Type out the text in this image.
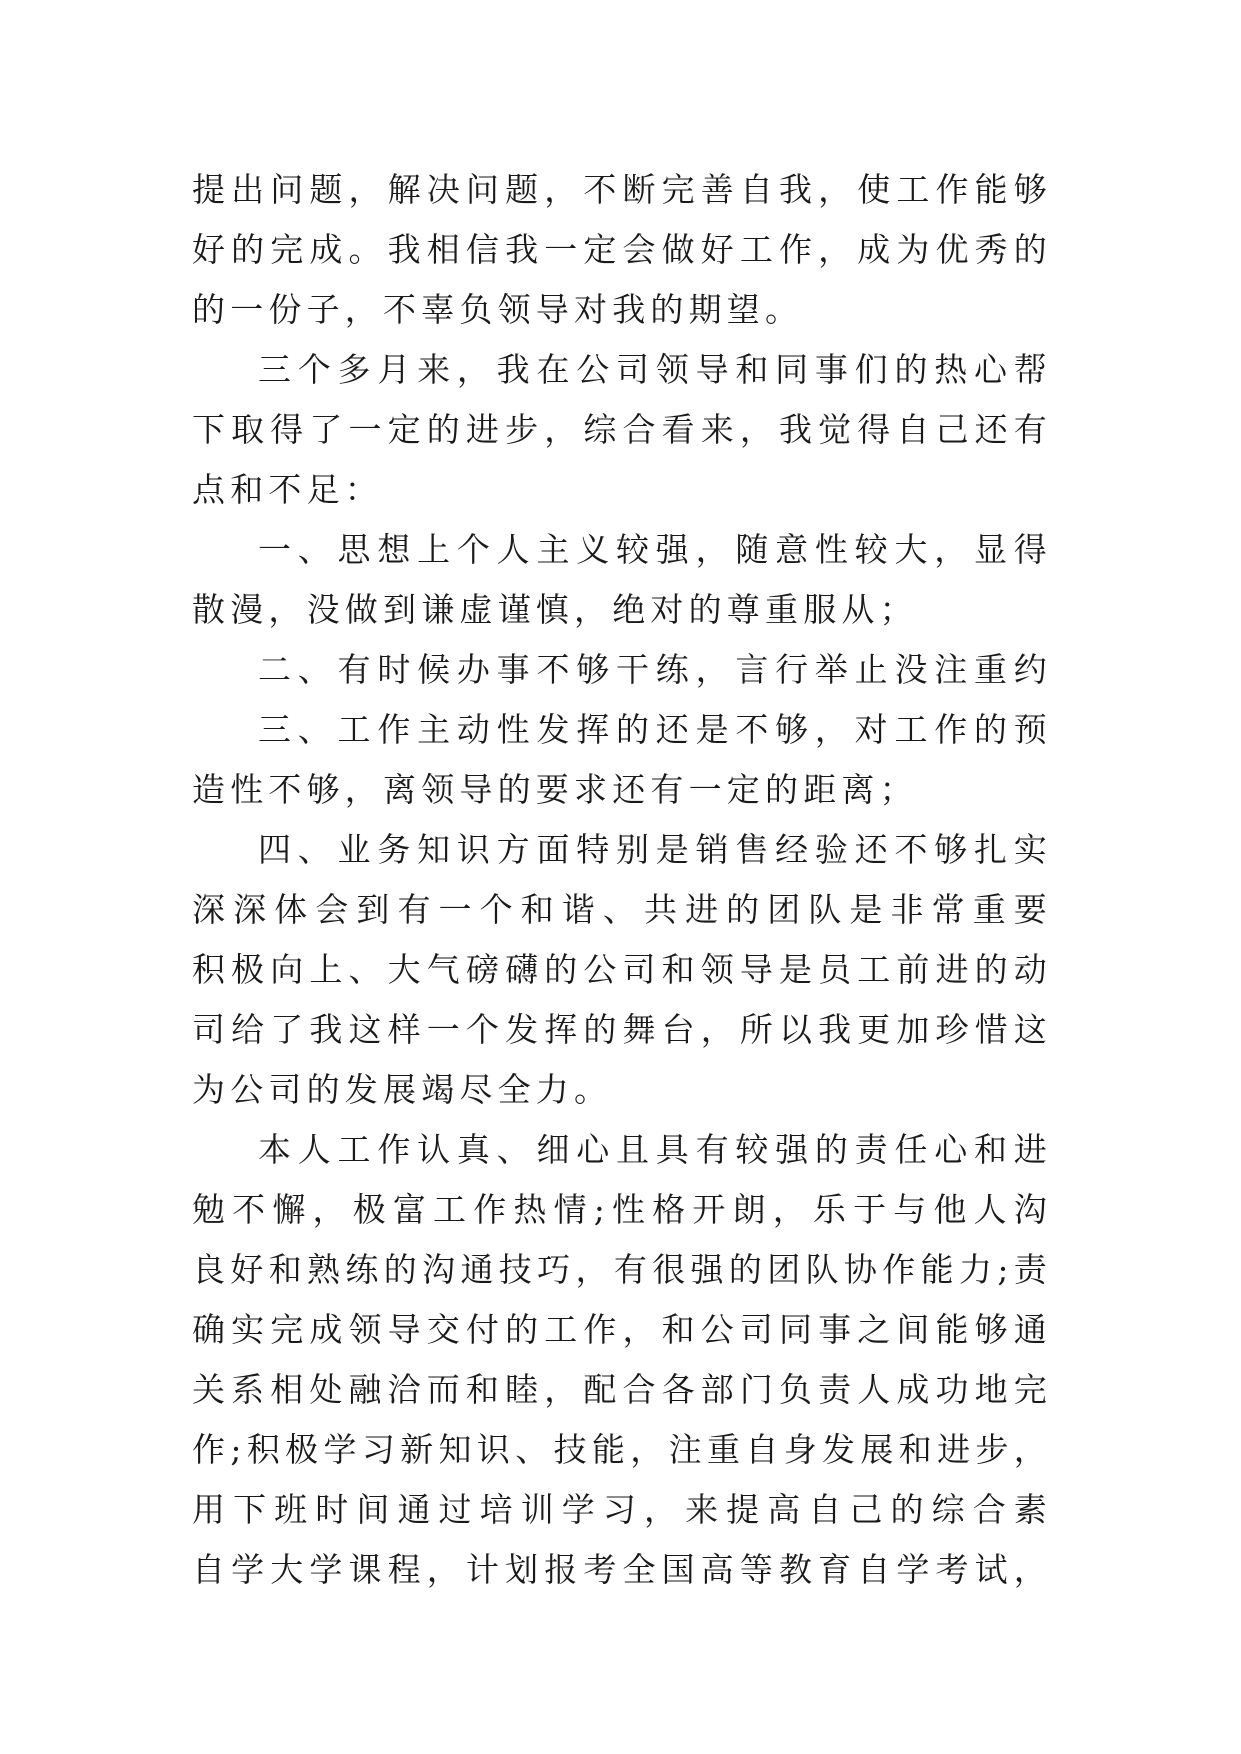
提出问题，解决问题，不断完善自我，使工作能够
好的完成。我相信我一定会做好工作，成为优秀的
的一份子，不辜负领导对我的期望。
三个多月来，我在公司领导和同事们的热心帮
下取得了一定的进步，综合看来，我觉得自己还有
点和不足：
一、思想上个人主义较强，随意性较大，显得
散漫，没做到谦虚谨慎，绝对的尊重服从；
二、有时候办事不够干练，言行举止没注重约
三、工作主动性发挥的还是不够，对工作的预
造性不够，离领导的要求还有一定的距离；
四、业务知识方面特别是销售经验还不够扎实
深深体会到有一个和谐、共进的团队是非常重要
积极向上、大气磅礴的公司和领导是员工前进的动
司给了我这样一个发挥的舞台，所以我更加珍惜这
为公司的发展竭尽全力。
本人工作认真、细心且具有较强的责任心和进
勉不懈，极富工作热情;性格开朗，乐于与他人沟
良好和熟练的沟通技巧，有很强的团队协作能力;责
确实完成领导交付的工作，和公司同事之间能够通
关系相处融洽而和睦，配合各部门负责人成功地完
作;积极学习新知识、技能，注重自身发展和进步，
用下班时间通过培训学习，来提高自己的综合素
自学大学课程，计划报考全国高等教育自学考试，
